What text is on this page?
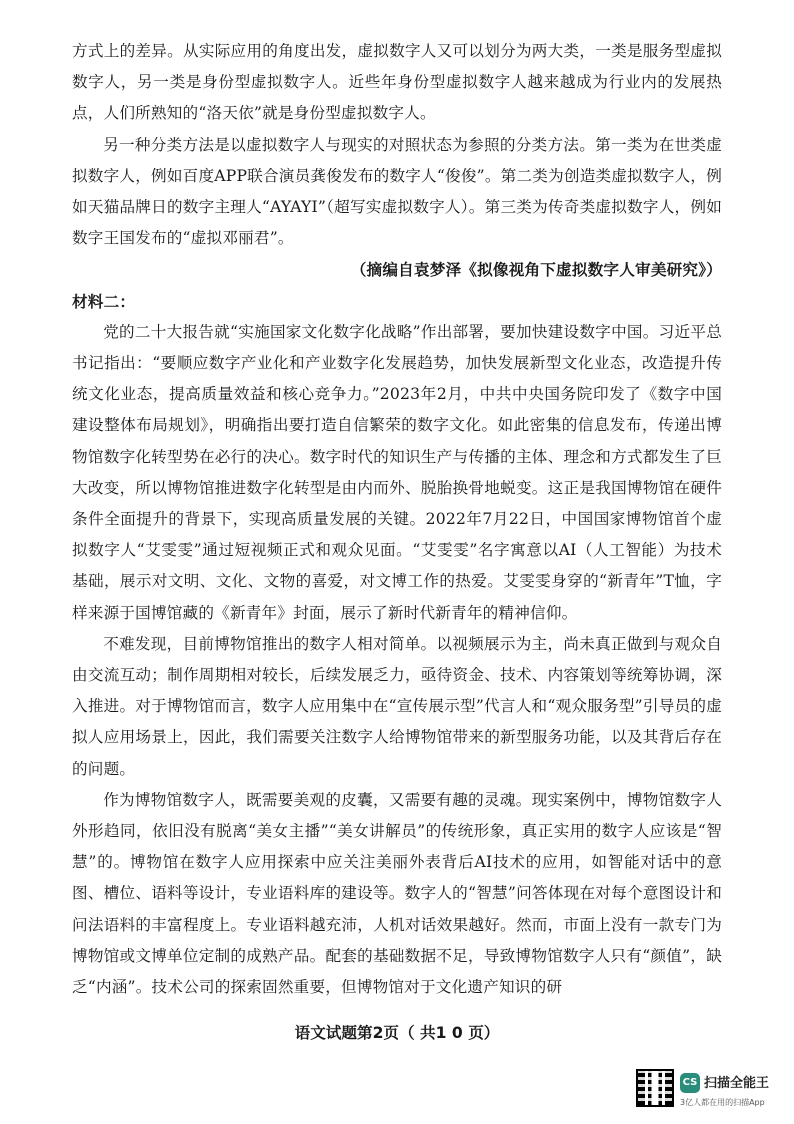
方式上的差异。从实际应用的角度出发，虚拟数字人又可以划分为两大类，一类是服务型虚拟数字人，另一类是身份型虚拟数字人。近些年身份型虚拟数字人越来越成为行业内的发展热点，人们所熟知的“洛天依”就是身份型虚拟数字人。

另一种分类方法是以虚拟数字人与现实的对照状态为参照的分类方法。第一类为在世类虚拟数字人，例如百度APP联合演员龚俊发布的数字人“俊俊”。第二类为创造类虚拟数字人，例如天猫品牌日的数字主理人“AYAYI”（超写实虚拟数字人）。第三类为传奇类虚拟数字人，例如数字王国发布的“虚拟邓丽君”。

（摘编自袁梦泽《拟像视角下虚拟数字人审美研究》）

材料二：

党的二十大报告就“实施国家文化数字化战略”作出部署，要加快建设数字中国。习近平总书记指出：“要顺应数字产业化和产业数字化发展趋势，加快发展新型文化业态，改造提升传统文化业态，提高质量效益和核心竞争力。”2023年2月，中共中央国务院印发了《数字中国建设整体布局规划》，明确指出要打造自信繁荣的数字文化。如此密集的信息发布，传递出博物馆数字化转型势在必行的决心。数字时代的知识生产与传播的主体、理念和方式都发生了巨大改变，所以博物馆推进数字化转型是由内而外、脱胎换骨地蜕变。这正是我国博物馆在硬件条件全面提升的背景下，实现高质量发展的关键。2022年7月22日，中国国家博物馆首个虚拟数字人“艾雯雯”通过短视频正式和观众见面。“艾雯雯”名字寓意以AI（人工智能）为技术基础，展示对文明、文化、文物的喜爱，对文博工作的热爱。艾雯雯身穿的“新青年”T恤，字样来源于国博馆藏的《新青年》封面，展示了新时代新青年的精神信仰。

不难发现，目前博物馆推出的数字人相对简单。以视频展示为主，尚未真正做到与观众自由交流互动；制作周期相对较长，后续发展乏力，亟待资金、技术、内容策划等统筹协调，深入推进。对于博物馆而言，数字人应用集中在“宣传展示型”代言人和“观众服务型”引导员的虚拟人应用场景上，因此，我们需要关注数字人给博物馆带来的新型服务功能，以及其背后存在的问题。

作为博物馆数字人，既需要美观的皮囊，又需要有趣的灵魂。现实案例中，博物馆数字人外形趋同，依旧没有脱离“美女主播”“美女讲解员”的传统形象，真正实用的数字人应该是“智慧”的。博物馆在数字人应用探索中应关注美丽外表背后AI技术的应用，如智能对话中的意图、槽位、语料等设计，专业语料库的建设等。数字人的“智慧”问答体现在对每个意图设计和问法语料的丰富程度上。专业语料越充沛，人机对话效果越好。然而，市面上没有一款专门为博物馆或文博单位定制的成熟产品。配套的基础数据不足，导致博物馆数字人只有“颜值”，缺乏“内涵”。技术公司的探索固然重要，但博物馆对于文化遗产知识的研

语文试题第2页（ 共1 0 页）
CS 扫描全能王
3亿人都在用的扫描App
